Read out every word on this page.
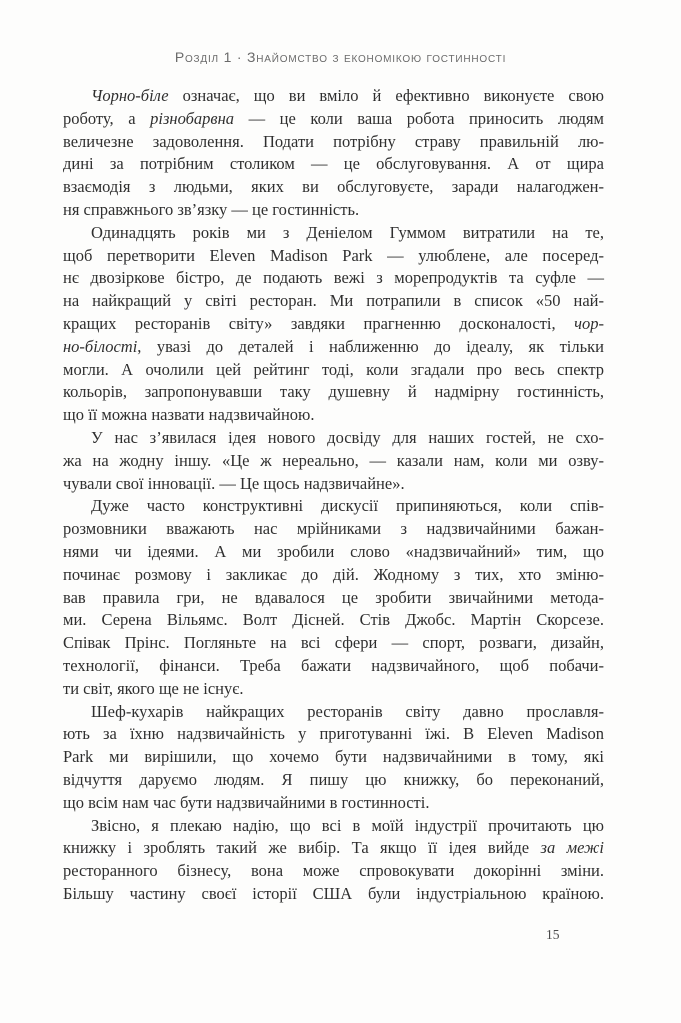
Розділ 1 · Знайомство з економікою гостинності
Чорно-біле означає, що ви вміло й ефективно виконуєте свою
роботу, а різнобарвна — це коли ваша робота приносить людям
величезне задоволення. Подати потрібну страву правильній лю-
дині за потрібним столиком — це обслуговування. А от щира
взаємодія з людьми, яких ви обслуговуєте, заради налагоджен-
ня справжнього зв’язку — це гостинність.
Одинадцять років ми з Деніелом Гуммом витратили на те,
щоб перетворити Eleven Madison Park — улюблене, але посеред-
нє двозіркове бістро, де подають вежі з морепродуктів та суфле —
на найкращий у світі ресторан. Ми потрапили в список «50 най-
кращих ресторанів світу» завдяки прагненню досконалості, чор-
но-білості, увазі до деталей і наближенню до ідеалу, як тільки
могли. А очолили цей рейтинг тоді, коли згадали про весь спектр
кольорів, запропонувавши таку душевну й надмірну гостинність,
що її можна назвати надзвичайною.
У нас з’явилася ідея нового досвіду для наших гостей, не схо-
жа на жодну іншу. «Це ж нереально, — казали нам, коли ми озву-
чували свої інновації. — Це щось надзвичайне».
Дуже часто конструктивні дискусії припиняються, коли спів-
розмовники вважають нас мрійниками з надзвичайними бажан-
нями чи ідеями. А ми зробили слово «надзвичайний» тим, що
починає розмову і закликає до дій. Жодному з тих, хто зміню-
вав правила гри, не вдавалося це зробити звичайними метода-
ми. Серена Вільямс. Волт Дісней. Стів Джобс. Мартін Скорсезе.
Співак Прінс. Погляньте на всі сфери — спорт, розваги, дизайн,
технології, фінанси. Треба бажати надзвичайного, щоб побачи-
ти світ, якого ще не існує.
Шеф-кухарів найкращих ресторанів світу давно прославля-
ють за їхню надзвичайність у приготуванні їжі. В Eleven Madison
Park ми вирішили, що хочемо бути надзвичайними в тому, які
відчуття даруємо людям. Я пишу цю книжку, бо переконаний,
що всім нам час бути надзвичайними в гостинності.
Звісно, я плекаю надію, що всі в моїй індустрії прочитають цю
книжку і зроблять такий же вибір. Та якщо її ідея вийде за межі
ресторанного бізнесу, вона може спровокувати докорінні зміни.
Більшу частину своєї історії США були індустріальною країною.
15
